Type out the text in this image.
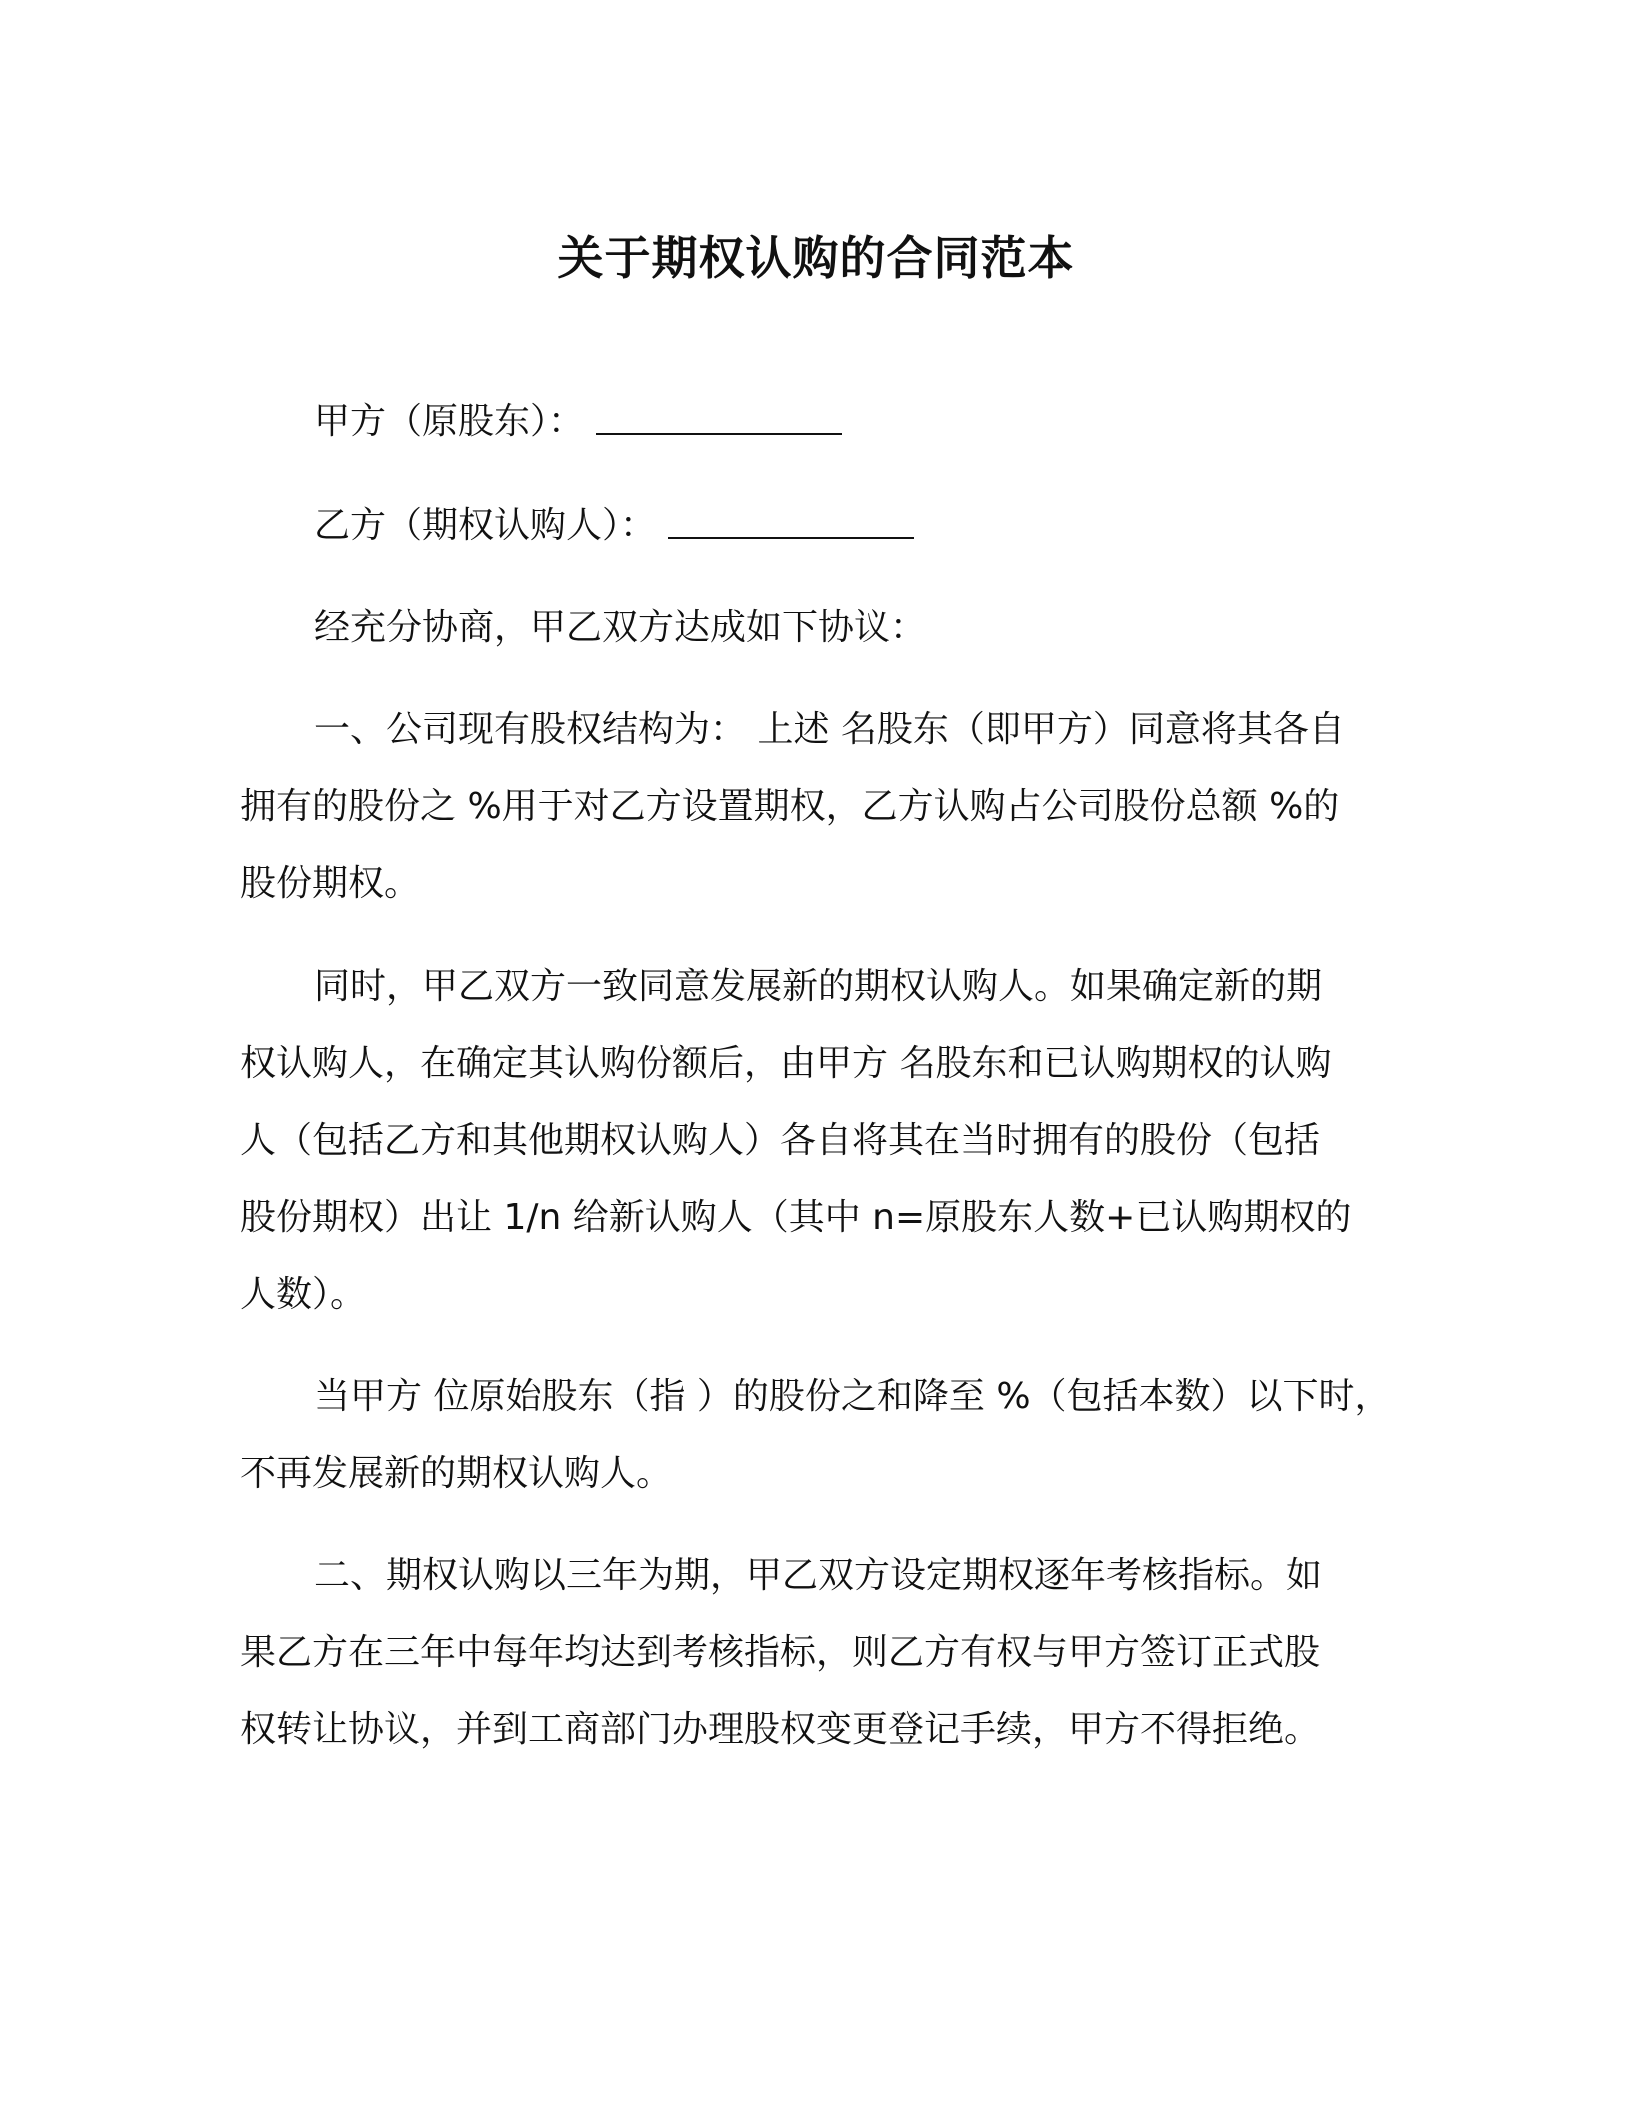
关于期权认购的合同范本
甲方（原股东）：
乙方（期权认购人）：
经充分协商，甲乙双方达成如下协议：
一、公司现有股权结构为： 上述 名股东（即甲方）同意将其各自
拥有的股份之 %用于对乙方设置期权，乙方认购占公司股份总额 %的
股份期权。
同时，甲乙双方一致同意发展新的期权认购人。如果确定新的期
权认购人，在确定其认购份额后，由甲方 名股东和已认购期权的认购
人（包括乙方和其他期权认购人）各自将其在当时拥有的股份（包括
股份期权）出让 1/n 给新认购人（其中 n=原股东人数+已认购期权的
人数）。
当甲方 位原始股东（指 ）的股份之和降至 %（包括本数）以下时，
不再发展新的期权认购人。
二、期权认购以三年为期，甲乙双方设定期权逐年考核指标。如
果乙方在三年中每年均达到考核指标，则乙方有权与甲方签订正式股
权转让协议，并到工商部门办理股权变更登记手续，甲方不得拒绝。
